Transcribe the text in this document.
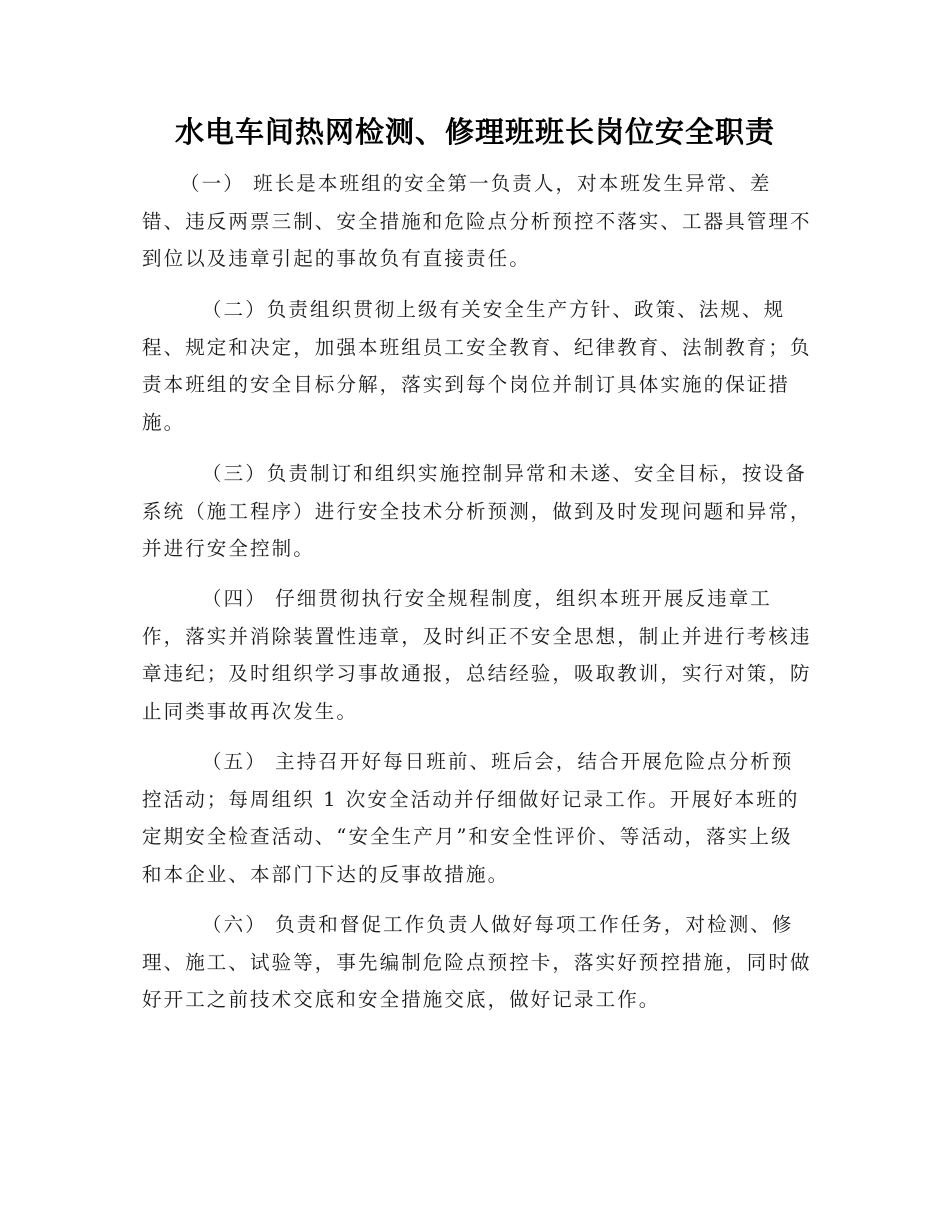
水电车间热网检测、修理班班长岗位安全职责

（一） 班长是本班组的安全第一负责人，对本班发生异常、差错、违反两票三制、安全措施和危险点分析预控不落实、工器具管理不到位以及违章引起的事故负有直接责任。

（二）负责组织贯彻上级有关安全生产方针、政策、法规、规程、规定和决定，加强本班组员工安全教育、纪律教育、法制教育；负责本班组的安全目标分解，落实到每个岗位并制订具体实施的保证措施。

（三）负责制订和组织实施控制异常和未遂、安全目标，按设备系统（施工程序）进行安全技术分析预测，做到及时发现问题和异常，并进行安全控制。

（四） 仔细贯彻执行安全规程制度，组织本班开展反违章工作，落实并消除装置性违章，及时纠正不安全思想，制止并进行考核违章违纪；及时组织学习事故通报，总结经验，吸取教训，实行对策，防止同类事故再次发生。

（五） 主持召开好每日班前、班后会，结合开展危险点分析预控活动；每周组织 1 次安全活动并仔细做好记录工作。开展好本班的定期安全检查活动、“安全生产月”和安全性评价、等活动，落实上级和本企业、本部门下达的反事故措施。

（六） 负责和督促工作负责人做好每项工作任务，对检测、修理、施工、试验等，事先编制危险点预控卡，落实好预控措施，同时做好开工之前技术交底和安全措施交底，做好记录工作。
